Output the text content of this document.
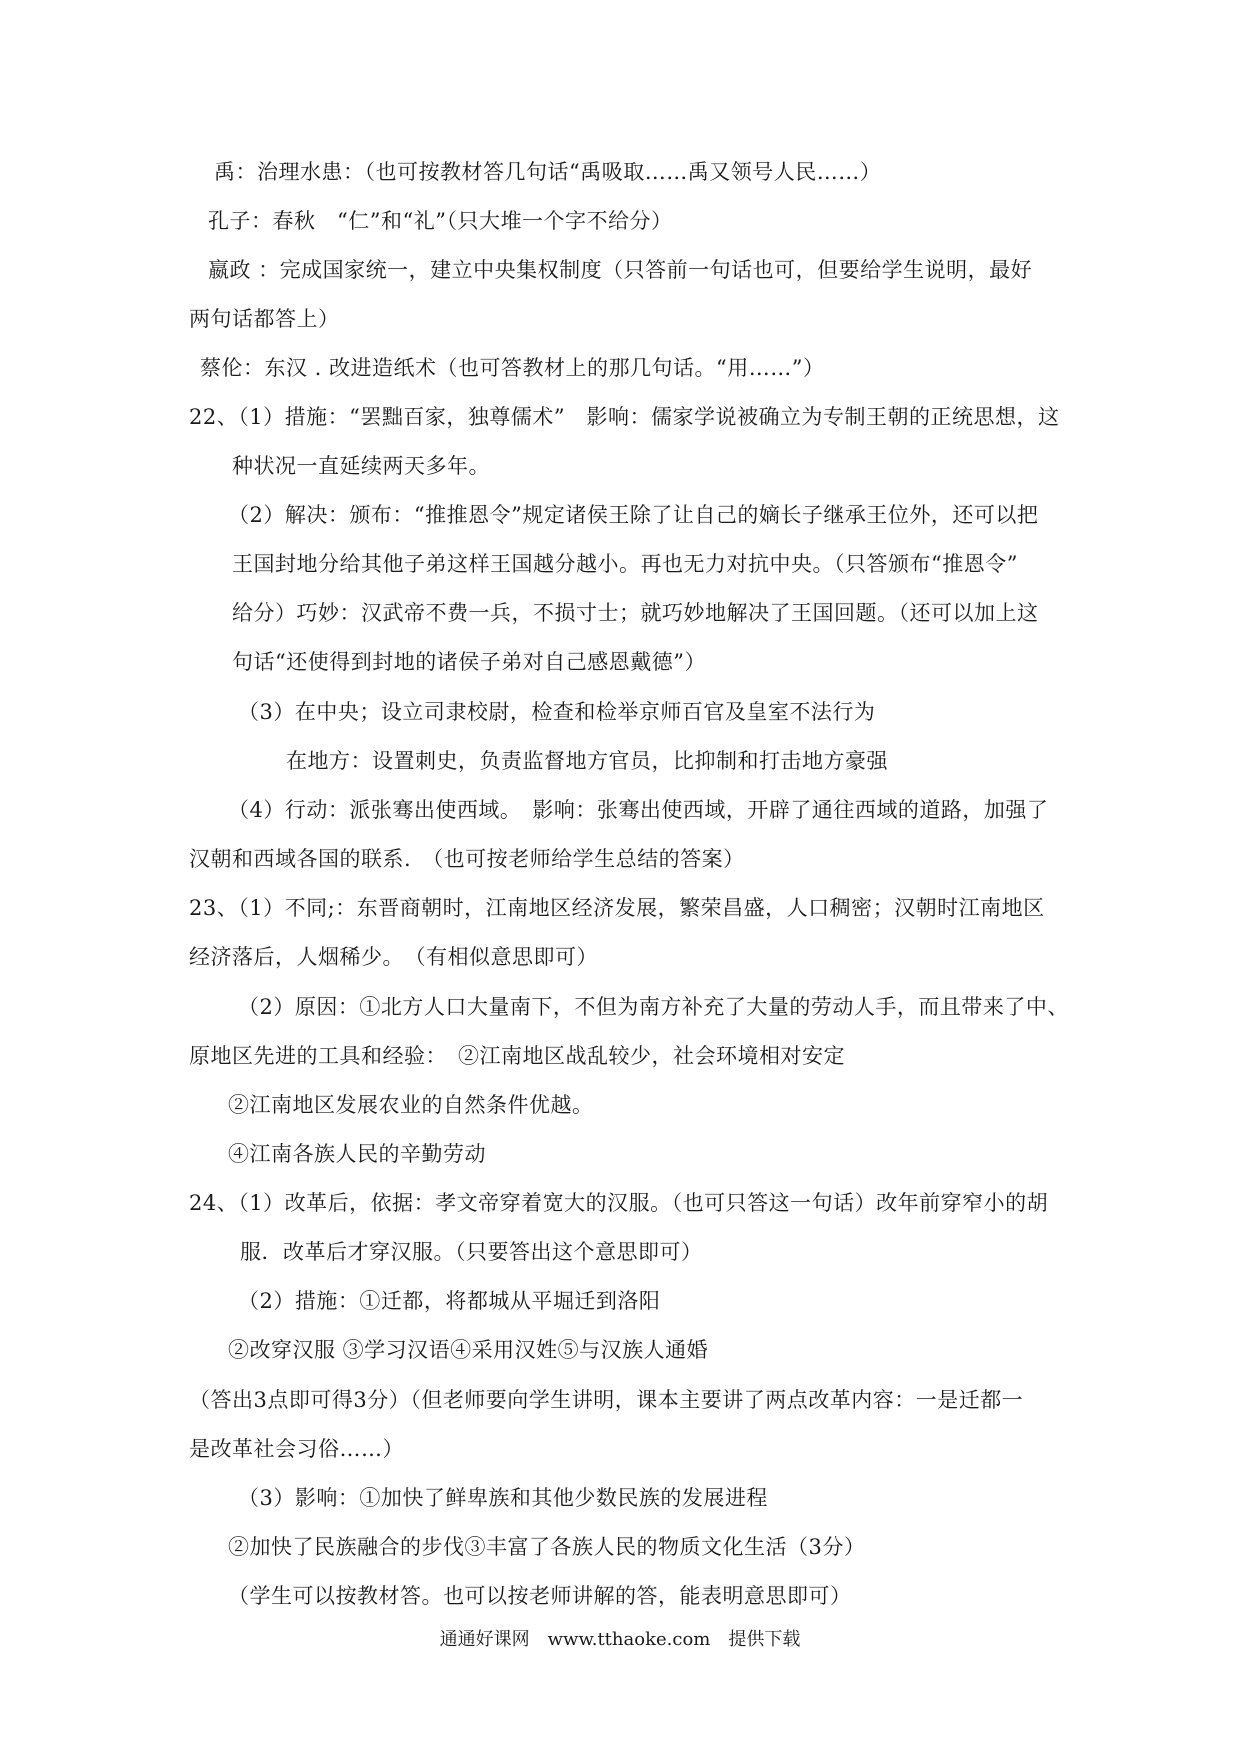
禹：治理水患：（也可按教材答几句话“禹吸取……禹又领号人民……）
孔子：春秋　“仁”和“礼”（只大堆一个字不给分）
嬴政 ：完成国家统一，建立中央集权制度（只答前一句话也可，但要给学生说明，最好
两句话都答上）
蔡伦：东汉 . 改进造纸术（也可答教材上的那几句话。“用……”）
22、（1）措施：“罢黜百家，独尊儒术”　影响：儒家学说被确立为专制王朝的正统思想，这
种状况一直延续两天多年。
（2）解决：颁布：“推推恩令”规定诸侯王除了让自己的嫡长子继承王位外，还可以把
王国封地分给其他子弟这样王国越分越小。再也无力对抗中央。（只答颁布“推恩令”
给分）巧妙：汉武帝不费一兵，不损寸士；就巧妙地解决了王国回题。（还可以加上这
句话“还使得到封地的诸侯子弟对自己感恩戴德”）
（3）在中央；设立司隶校尉，检查和检举京师百官及皇室不法行为
在地方：设置刺史，负责监督地方官员，比抑制和打击地方豪强
（4）行动：派张骞出使西域。　影响：张骞出使西域，开辟了通往西域的道路，加强了
汉朝和西域各国的联系.　（也可按老师给学生总结的答案）
23、（1）不同;：东晋商朝时，江南地区经济发展，繁荣昌盛，人口稠密；汉朝时江南地区
经济落后，人烟稀少。　（有相似意思即可）
（2）原因：①北方人口大量南下，不但为南方补充了大量的劳动人手，而且带来了中、
原地区先进的工具和经验：　②江南地区战乱较少，社会环境相对安定
②江南地区发展农业的自然条件优越。
④江南各族人民的辛勤劳动
24、（1）改革后，依据：孝文帝穿着宽大的汉服。（也可只答这一句话）改年前穿窄小的胡
服．改革后才穿汉服。（只要答出这个意思即可）
（2）措施：①迁都，将都城从平堀迁到洛阳
②改穿汉服 ③学习汉语④采用汉姓⑤与汉族人通婚
（答出3点即可得3分）（但老师要向学生讲明，课本主要讲了两点改革内容：一是迁都一
是改革社会习俗……）
（3）影响：①加快了鲜卑族和其他少数民族的发展进程
②加快了民族融合的步伐③丰富了各族人民的物质文化生活（3分）
（学生可以按教材答。也可以按老师讲解的答，能表明意思即可）
通通好课网　www.tthaoke.com　提供下载
